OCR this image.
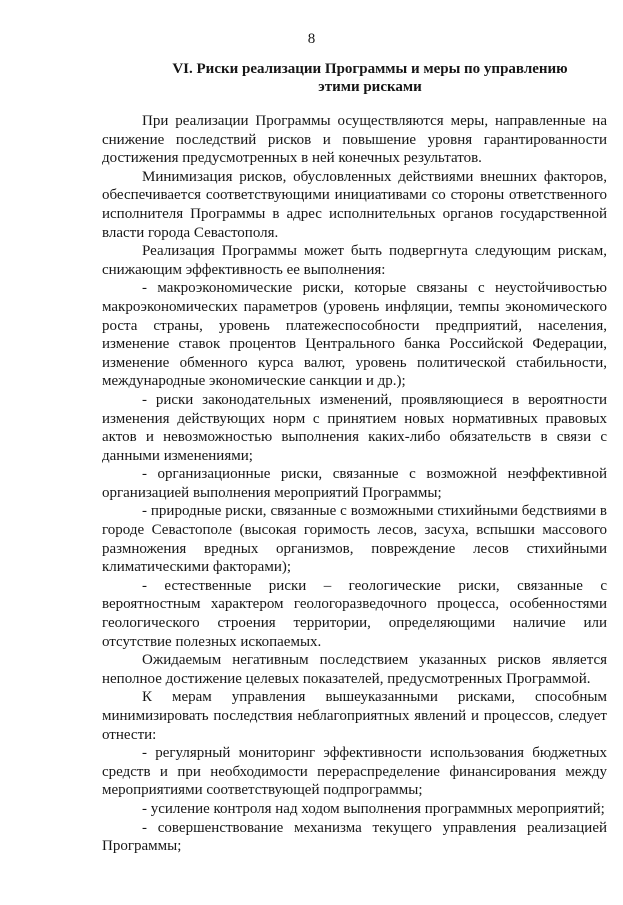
8
VI. Риски реализации Программы и меры по управлению
этими рисками

При реализации Программы осуществляются меры, направленные на
снижение последствий рисков и повышение уровня гарантированности
достижения предусмотренных в ней конечных результатов.

Минимизация рисков, обусловленных действиями внешних факторов,
обеспечивается соответствующими инициативами со стороны ответственного
исполнителя Программы в адрес исполнительных органов государственной
власти города Севастополя.

Реализация Программы может быть подвергнута следующим рискам,
снижающим эффективность ее выполнения:

- макроэкономические риски, которые связаны с неустойчивостью
макроэкономических параметров (уровень инфляции, темпы экономического
роста страны, уровень платежеспособности предприятий, населения,
изменение ставок процентов Центрального банка Российской Федерации,
изменение обменного курса валют, уровень политической стабильности,
международные экономические санкции и др.);

- риски законодательных изменений, проявляющиеся в вероятности
изменения действующих норм с принятием новых нормативных правовых
актов и невозможностью выполнения каких-либо обязательств в связи с
данными изменениями;

- организационные риски, связанные с возможной неэффективной
организацией выполнения мероприятий Программы;

- природные риски, связанные с возможными стихийными бедствиями в
городе Севастополе (высокая горимость лесов, засуха, вспышки массового
размножения вредных организмов, повреждение лесов стихийными
климатическими факторами);

- естественные риски – геологические риски, связанные с
вероятностным характером геологоразведочного процесса, особенностями
геологического строения территории, определяющими наличие или
отсутствие полезных ископаемых.

Ожидаемым негативным последствием указанных рисков является
неполное достижение целевых показателей, предусмотренных Программой.

К мерам управления вышеуказанными рисками, способным
минимизировать последствия неблагоприятных явлений и процессов, следует
отнести:

- регулярный мониторинг эффективности использования бюджетных
средств и при необходимости перераспределение финансирования между
мероприятиями соответствующей подпрограммы;

- усиление контроля над ходом выполнения программных мероприятий;

- совершенствование механизма текущего управления реализацией
Программы;
